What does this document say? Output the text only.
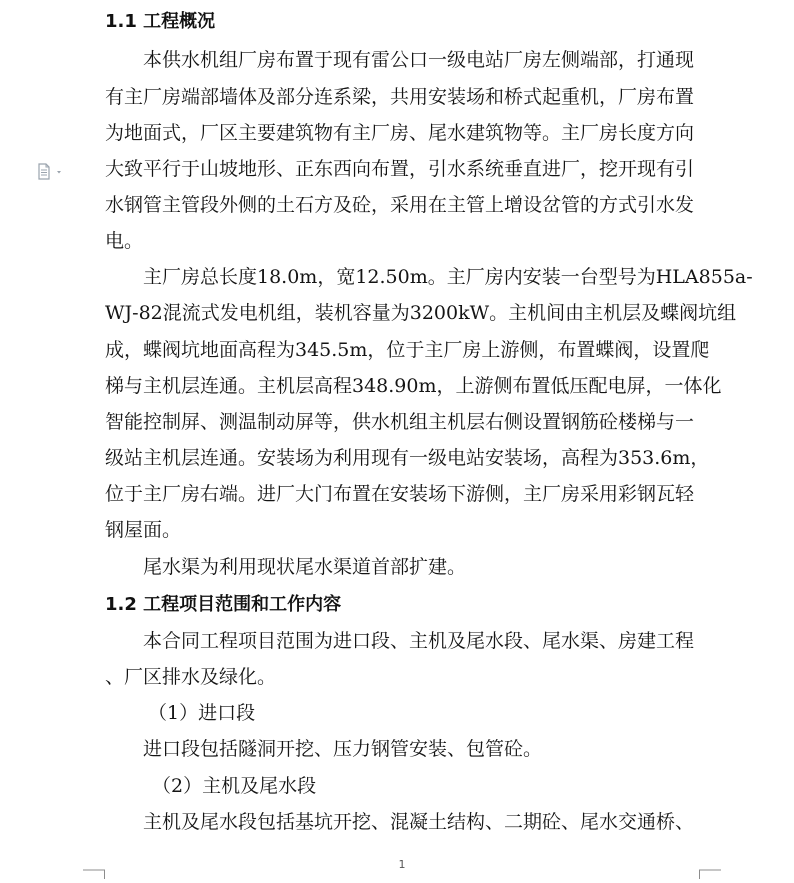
1.1 工程概况

本供水机组厂房布置于现有雷公口一级电站厂房左侧端部，打通现

有主厂房端部墙体及部分连系梁，共用安装场和桥式起重机，厂房布置

为地面式，厂区主要建筑物有主厂房、尾水建筑物等。主厂房长度方向

大致平行于山坡地形、正东西向布置，引水系统垂直进厂，挖开现有引

水钢管主管段外侧的土石方及砼，采用在主管上增设岔管的方式引水发

电。

主厂房总长度18.0m，宽12.50m。主厂房内安装一台型号为HLA855a-

WJ-82混流式发电机组，装机容量为3200kW。主机间由主机层及蝶阀坑组

成，蝶阀坑地面高程为345.5m，位于主厂房上游侧，布置蝶阀，设置爬

梯与主机层连通。主机层高程348.90m，上游侧布置低压配电屏，一体化

智能控制屏、测温制动屏等，供水机组主机层右侧设置钢筋砼楼梯与一

级站主机层连通。安装场为利用现有一级电站安装场，高程为353.6m，

位于主厂房右端。进厂大门布置在安装场下游侧，主厂房采用彩钢瓦轻

钢屋面。

尾水渠为利用现状尾水渠道首部扩建。

1.2 工程项目范围和工作内容

本合同工程项目范围为进口段、主机及尾水段、尾水渠、房建工程

、厂区排水及绿化。

（1）进口段

进口段包括隧洞开挖、压力钢管安装、包管砼。

（2）主机及尾水段

主机及尾水段包括基坑开挖、混凝土结构、二期砼、尾水交通桥、

1
